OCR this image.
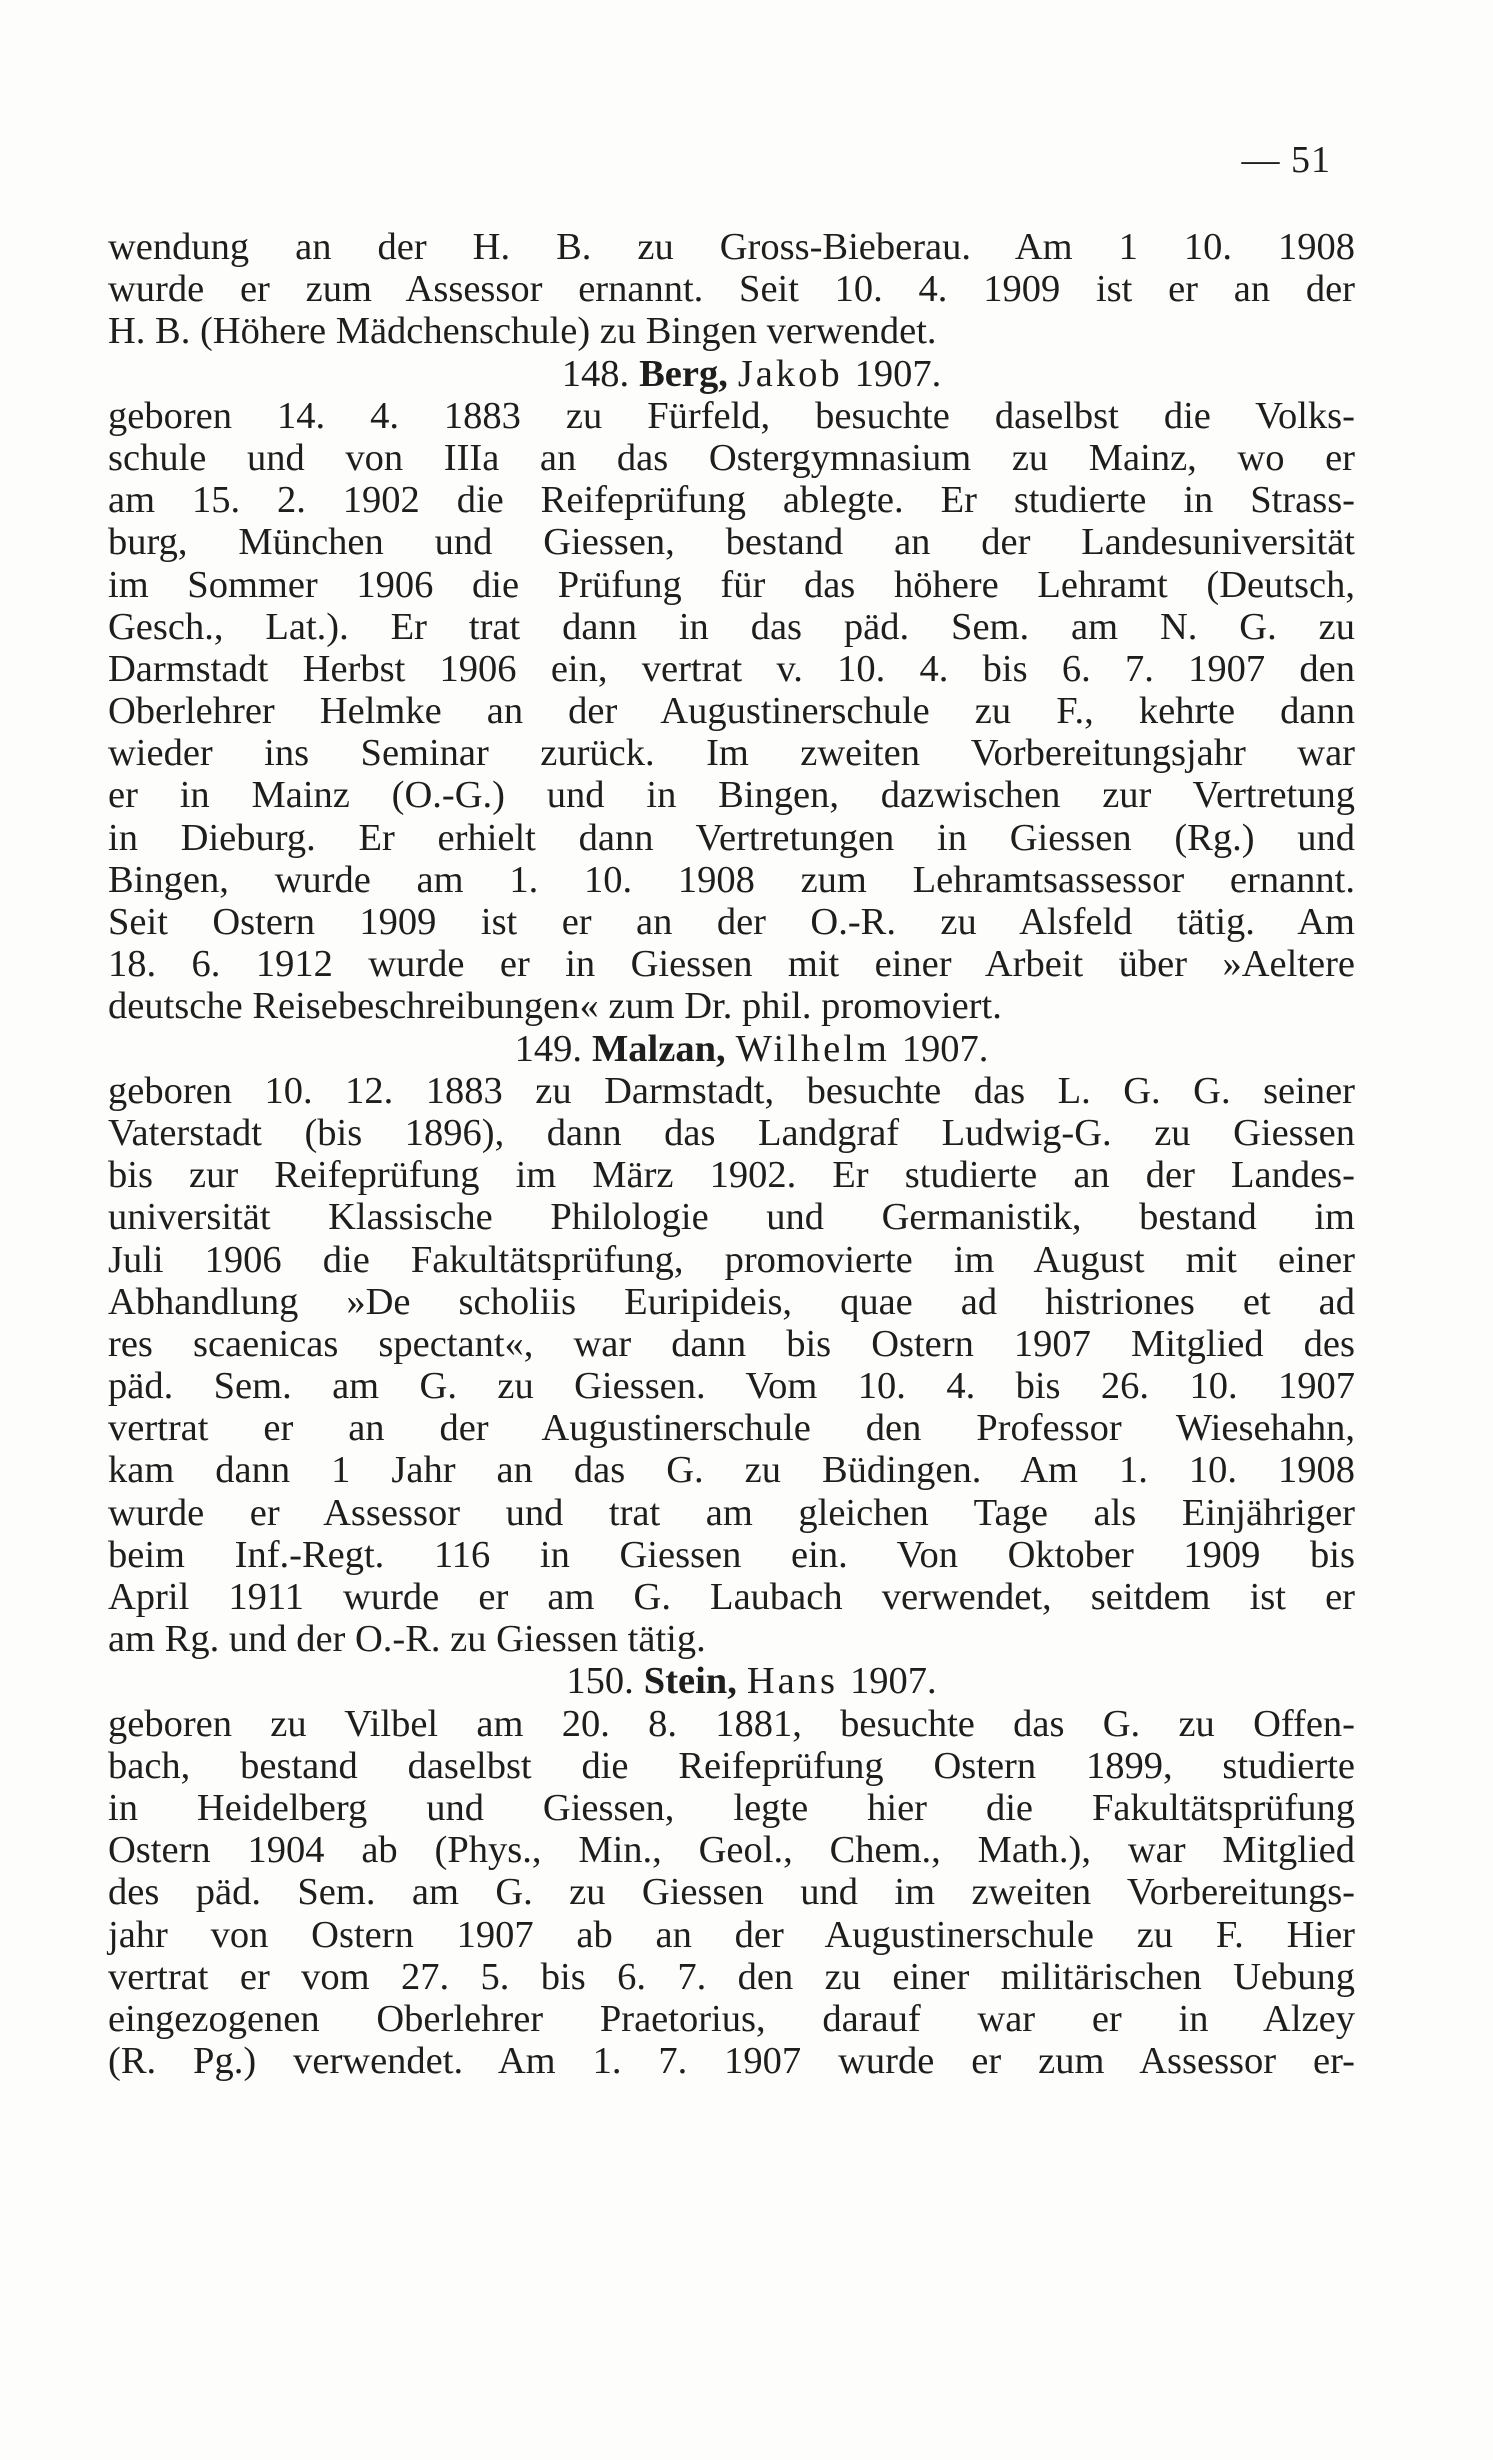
— 51
wendung an der H. B. zu Gross-Bieberau. Am 1 10. 1908
wurde er zum Assessor ernannt. Seit 10. 4. 1909 ist er an der
H. B. (Höhere Mädchenschule) zu Bingen verwendet.
148. Berg, Jakob 1907.
geboren 14. 4. 1883 zu Fürfeld, besuchte daselbst die Volks-
schule und von IIIa an das Ostergymnasium zu Mainz, wo er
am 15. 2. 1902 die Reifeprüfung ablegte. Er studierte in Strass-
burg, München und Giessen, bestand an der Landesuniversität
im Sommer 1906 die Prüfung für das höhere Lehramt (Deutsch,
Gesch., Lat.). Er trat dann in das päd. Sem. am N. G. zu
Darmstadt Herbst 1906 ein, vertrat v. 10. 4. bis 6. 7. 1907 den
Oberlehrer Helmke an der Augustinerschule zu F., kehrte dann
wieder ins Seminar zurück. Im zweiten Vorbereitungsjahr war
er in Mainz (O.-G.) und in Bingen, dazwischen zur Vertretung
in Dieburg. Er erhielt dann Vertretungen in Giessen (Rg.) und
Bingen, wurde am 1. 10. 1908 zum Lehramtsassessor ernannt.
Seit Ostern 1909 ist er an der O.-R. zu Alsfeld tätig. Am
18. 6. 1912 wurde er in Giessen mit einer Arbeit über »Aeltere
deutsche Reisebeschreibungen« zum Dr. phil. promoviert.
149. Malzan, Wilhelm 1907.
geboren 10. 12. 1883 zu Darmstadt, besuchte das L. G. G. seiner
Vaterstadt (bis 1896), dann das Landgraf Ludwig-G. zu Giessen
bis zur Reifeprüfung im März 1902. Er studierte an der Landes-
universität Klassische Philologie und Germanistik, bestand im
Juli 1906 die Fakultätsprüfung, promovierte im August mit einer
Abhandlung »De scholiis Euripideis, quae ad histriones et ad
res scaenicas spectant«, war dann bis Ostern 1907 Mitglied des
päd. Sem. am G. zu Giessen. Vom 10. 4. bis 26. 10. 1907
vertrat er an der Augustinerschule den Professor Wiesehahn,
kam dann 1 Jahr an das G. zu Büdingen. Am 1. 10. 1908
wurde er Assessor und trat am gleichen Tage als Einjähriger
beim Inf.-Regt. 116 in Giessen ein. Von Oktober 1909 bis
April 1911 wurde er am G. Laubach verwendet, seitdem ist er
am Rg. und der O.-R. zu Giessen tätig.
150. Stein, Hans 1907.
geboren zu Vilbel am 20. 8. 1881, besuchte das G. zu Offen-
bach, bestand daselbst die Reifeprüfung Ostern 1899, studierte
in Heidelberg und Giessen, legte hier die Fakultätsprüfung
Ostern 1904 ab (Phys., Min., Geol., Chem., Math.), war Mitglied
des päd. Sem. am G. zu Giessen und im zweiten Vorbereitungs-
jahr von Ostern 1907 ab an der Augustinerschule zu F. Hier
vertrat er vom 27. 5. bis 6. 7. den zu einer militärischen Uebung
eingezogenen Oberlehrer Praetorius, darauf war er in Alzey
(R. Pg.) verwendet. Am 1. 7. 1907 wurde er zum Assessor er-
